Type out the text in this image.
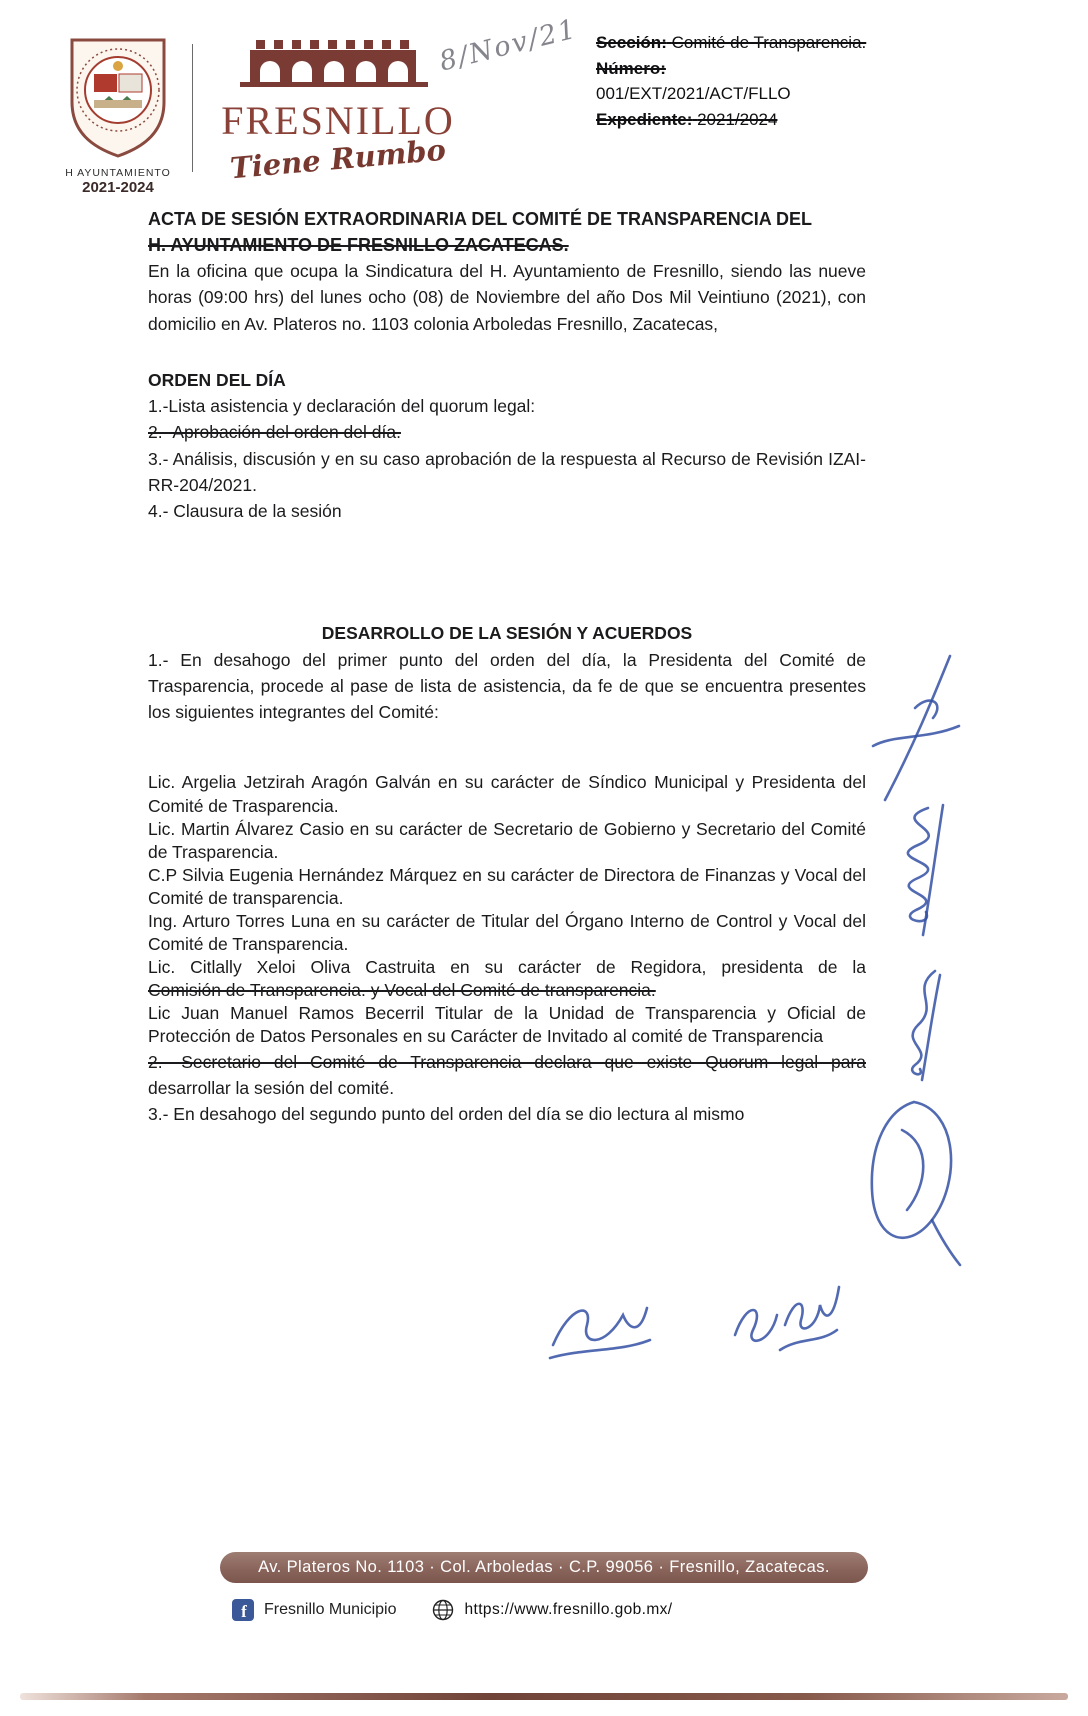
H AYUNTAMIENTO
2021-2024
FRESNILLO
Tiene Rumbo
8/Nov/21 Sección: Comité de Transparencia.
Número:
001/EXT/2021/ACT/FLLO
Expediente: 2021/2024
ACTA DE SESIÓN EXTRAORDINARIA DEL COMITÉ DE TRANSPARENCIA DEL
H. AYUNTAMIENTO DE FRESNILLO ZACATECAS.

En la oficina que ocupa la Sindicatura del H. Ayuntamiento de Fresnillo, siendo las nueve horas (09:00 hrs) del lunes ocho (08) de Noviembre del año Dos Mil Veintiuno (2021), con domicilio en Av. Plateros no. 1103 colonia Arboledas Fresnillo, Zacatecas,

ORDEN DEL DÍA

1.-Lista asistencia y declaración del quorum legal:

2.- Aprobación del orden del día.

3.- Análisis, discusión y en su caso aprobación de la respuesta al Recurso de Revisión IZAI-RR-204/2021.

4.- Clausura de la sesión

DESARROLLO DE LA SESIÓN Y ACUERDOS

1.- En desahogo del primer punto del orden del día, la Presidenta del Comité de Trasparencia, procede al pase de lista de asistencia, da fe de que se encuentra presentes los siguientes integrantes del Comité:

Lic. Argelia Jetzirah Aragón Galván en su carácter de Síndico Municipal y Presidenta del Comité de Trasparencia.

Lic. Martin Álvarez Casio en su carácter de Secretario de Gobierno y Secretario del Comité de Trasparencia.

C.P Silvia Eugenia Hernández Márquez en su carácter de Directora de Finanzas y Vocal del Comité de transparencia.

Ing. Arturo Torres Luna en su carácter de Titular del Órgano Interno de Control y Vocal del Comité de Transparencia.

Lic. Citlally Xeloi Oliva Castruita en su carácter de Regidora, presidenta de la
Comisión de Transparencia. y Vocal del Comité de transparencia.

Lic Juan Manuel Ramos Becerril Titular de la Unidad de Transparencia y Oficial de Protección de Datos Personales en su Carácter de Invitado al comité de Transparencia

2.- Secretario del Comité de Transparencia declara que existe Quorum legal para
desarrollar la sesión del comité.

3.- En desahogo del segundo punto del orden del día se dio lectura al mismo

Av. Plateros No. 1103 · Col. Arboledas · C.P. 99056 · Fresnillo, Zacatecas.
f Fresnillo Municipio	https://www.fresnillo.gob.mx/
